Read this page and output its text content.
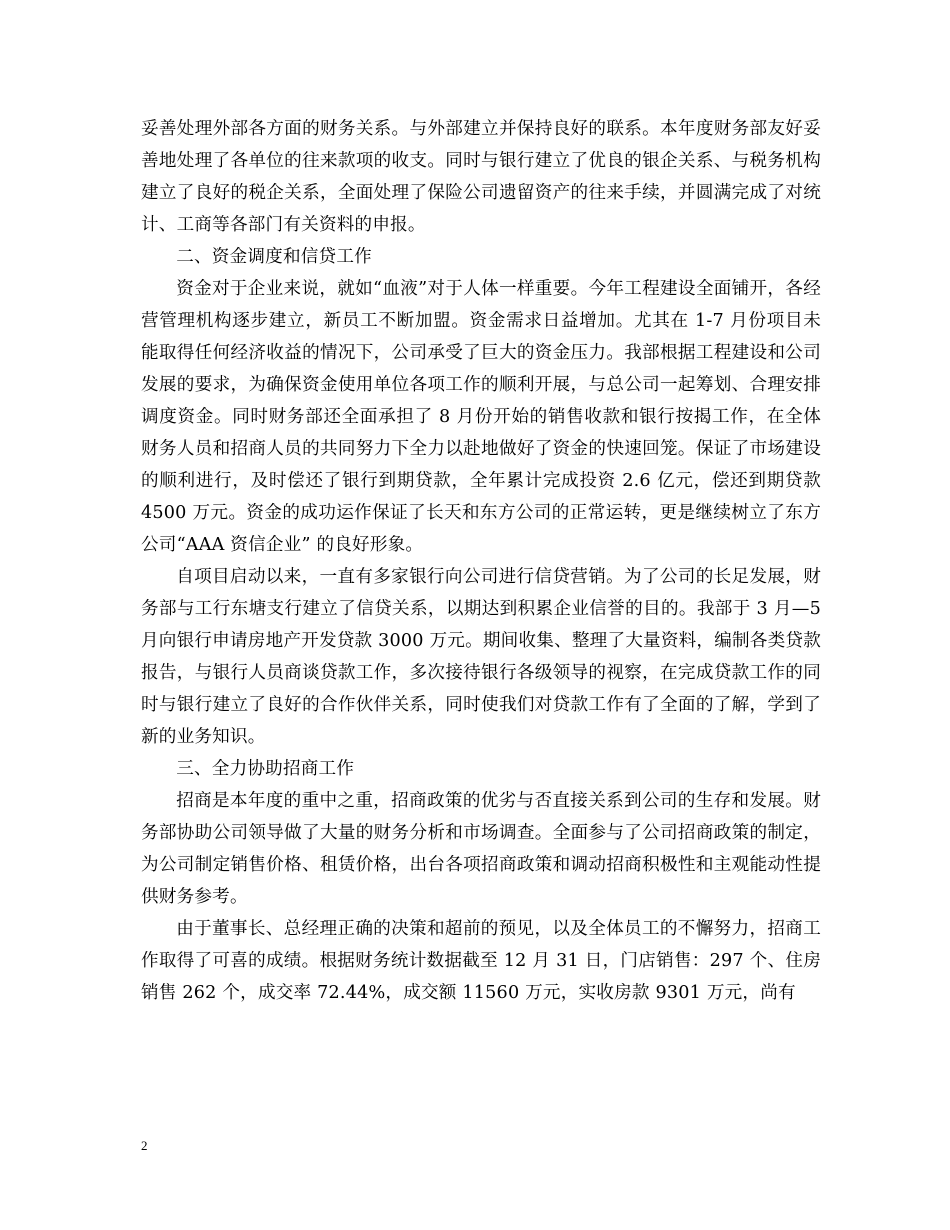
妥善处理外部各方面的财务关系。与外部建立并保持良好的联系。本年度财务部友好妥善地处理了各单位的往来款项的收支。同时与银行建立了优良的银企关系、与税务机构建立了良好的税企关系，全面处理了保险公司遗留资产的往来手续，并圆满完成了对统计、工商等各部门有关资料的申报。

二、资金调度和信贷工作

资金对于企业来说，就如“血液”对于人体一样重要。今年工程建设全面铺开，各经营管理机构逐步建立，新员工不断加盟。资金需求日益增加。尤其在 1-7 月份项目未能取得任何经济收益的情况下，公司承受了巨大的资金压力。我部根据工程建设和公司发展的要求，为确保资金使用单位各项工作的顺利开展，与总公司一起筹划、合理安排调度资金。同时财务部还全面承担了 8 月份开始的销售收款和银行按揭工作，在全体财务人员和招商人员的共同努力下全力以赴地做好了资金的快速回笼。保证了市场建设的顺利进行，及时偿还了银行到期贷款，全年累计完成投资 2.6 亿元，偿还到期贷款 4500 万元。资金的成功运作保证了长天和东方公司的正常运转，更是继续树立了东方公司“AAA 资信企业” 的良好形象。

自项目启动以来，一直有多家银行向公司进行信贷营销。为了公司的长足发展，财务部与工行东塘支行建立了信贷关系，以期达到积累企业信誉的目的。我部于 3 月—5 月向银行申请房地产开发贷款 3000 万元。期间收集、整理了大量资料，编制各类贷款报告，与银行人员商谈贷款工作，多次接待银行各级领导的视察，在完成贷款工作的同时与银行建立了良好的合作伙伴关系，同时使我们对贷款工作有了全面的了解，学到了新的业务知识。

三、全力协助招商工作

招商是本年度的重中之重，招商政策的优劣与否直接关系到公司的生存和发展。财务部协助公司领导做了大量的财务分析和市场调查。全面参与了公司招商政策的制定，为公司制定销售价格、租赁价格，出台各项招商政策和调动招商积极性和主观能动性提供财务参考。

由于董事长、总经理正确的决策和超前的预见，以及全体员工的不懈努力，招商工作取得了可喜的成绩。根据财务统计数据截至 12 月 31 日，门店销售：297 个、住房销售 262 个，成交率 72.44%，成交额 11560 万元，实收房款 9301 万元，尚有

2
